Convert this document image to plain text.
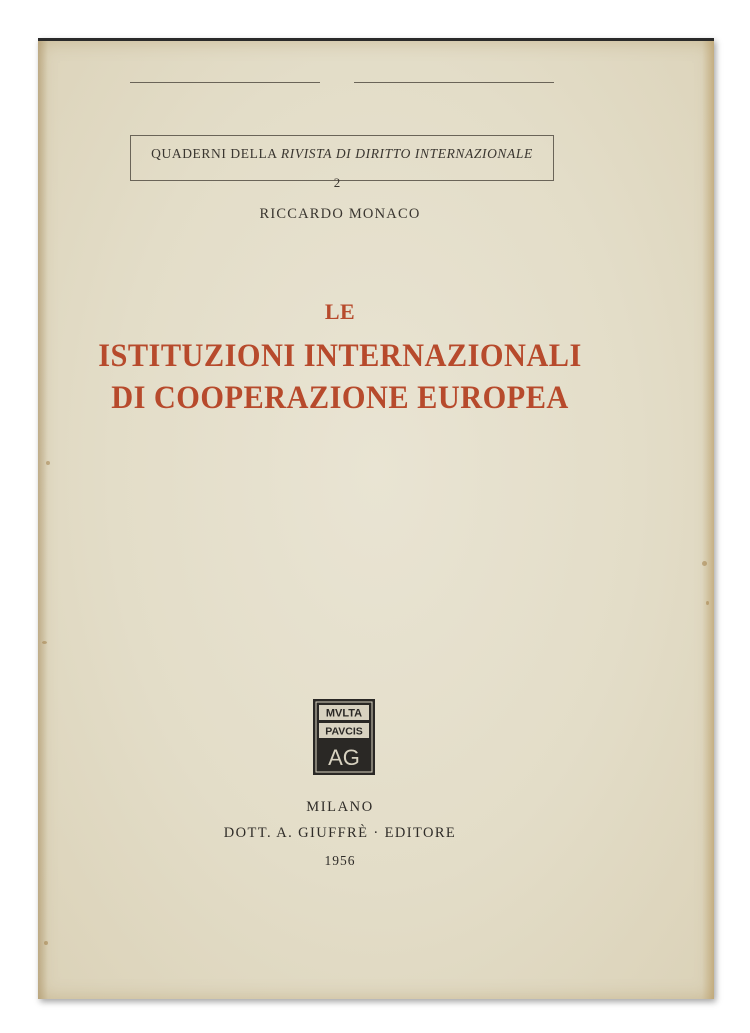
QUADERNI DELLA RIVISTA DI DIRITTO INTERNAZIONALE
2
RICCARDO MONACO
LE
ISTITUZIONI INTERNAZIONALI
DI COOPERAZIONE EUROPEA
MVLTA
PAVCIS
AG
MILANO
DOTT. A. GIUFFRÈ · EDITORE
1956
